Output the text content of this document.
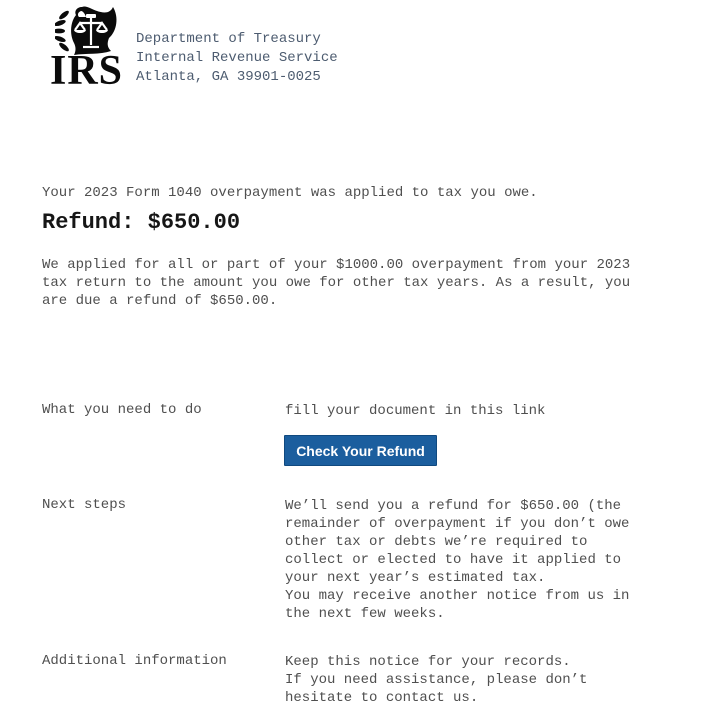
IRS
Department of Treasury
Internal Revenue Service
Atlanta, GA 39901-0025
Your 2023 Form 1040 overpayment was applied to tax you owe.
Refund: $650.00
We applied for all or part of your $1000.00 overpayment from your 2023
tax return to the amount you owe for other tax years. As a result, you
are due a refund of $650.00.
What you need to do	fill your document in this link
Check Your Refund
Next steps	We’ll send you a refund for $650.00 (the
remainder of overpayment if you don’t owe
other tax or debts we’re required to
collect or elected to have it applied to
your next year’s estimated tax.
You may receive another notice from us in
the next few weeks.
Additional information	Keep this notice for your records.
If you need assistance, please don’t
hesitate to contact us.
